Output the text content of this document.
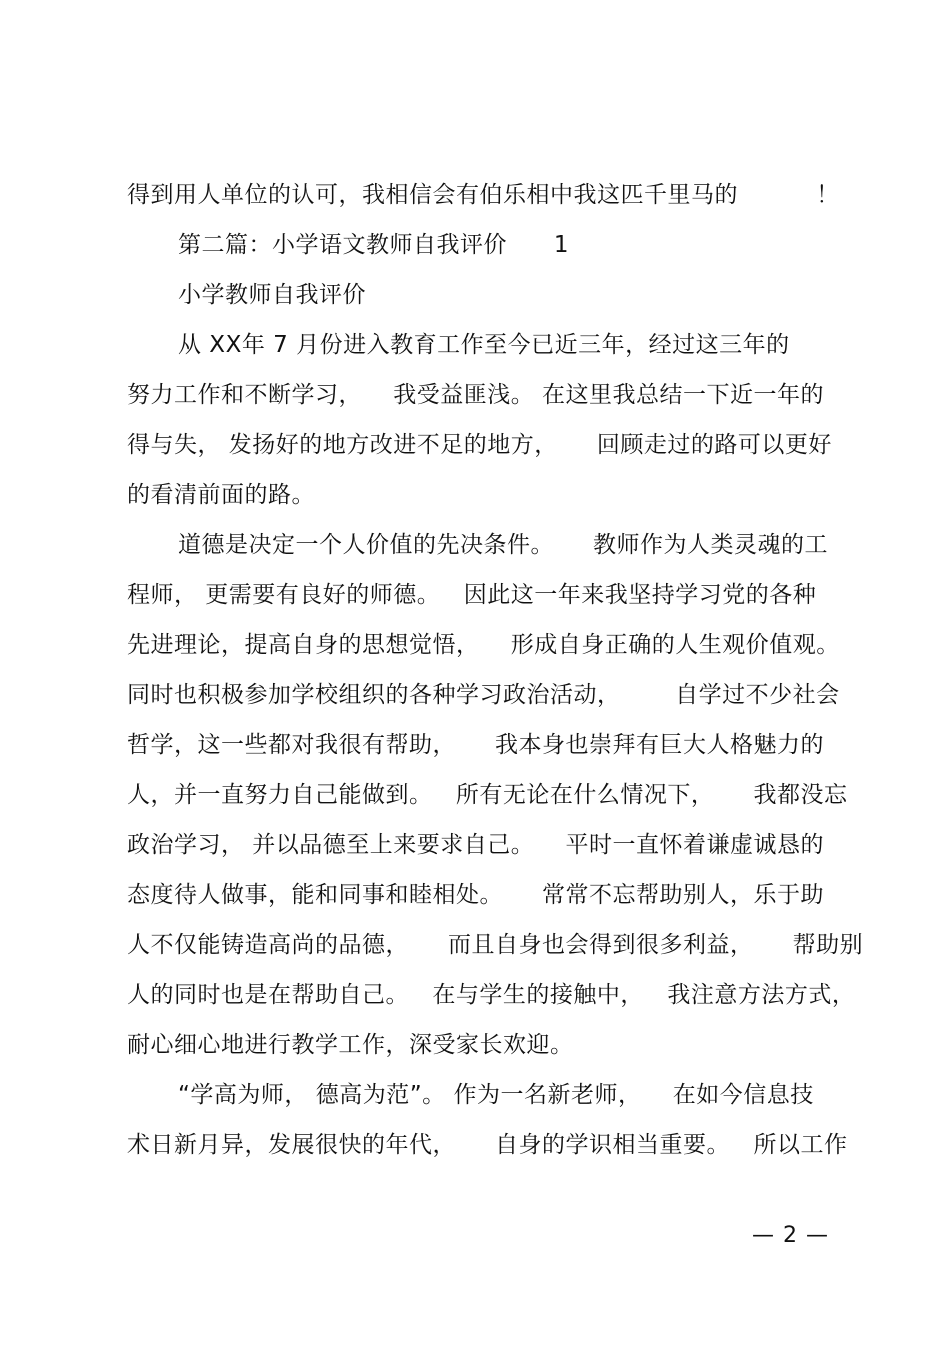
得到用人单位的认可，我相信会有伯乐相中我这匹千里马的          ！
第二篇：小学语文教师自我评价      1
小学教师自我评价
从 XX年 7 月份进入教育工作至今已近三年，经过这三年的
努力工作和不断学习，    我受益匪浅。 在这里我总结一下近一年的
得与失， 发扬好的地方改进不足的地方，     回顾走过的路可以更好
的看清前面的路。
道德是决定一个人价值的先决条件。     教师作为人类灵魂的工
程师， 更需要有良好的师德。   因此这一年来我坚持学习党的各种
先进理论，提高自身的思想觉悟，    形成自身正确的人生观价值观。
同时也积极参加学校组织的各种学习政治活动，       自学过不少社会
哲学，这一些都对我很有帮助，     我本身也崇拜有巨大人格魅力的
人，并一直努力自己能做到。   所有无论在什么情况下，     我都没忘
政治学习， 并以品德至上来要求自己。    平时一直怀着谦虚诚恳的
态度待人做事，能和同事和睦相处。     常常不忘帮助别人，乐于助
人不仅能铸造高尚的品德，     而且自身也会得到很多利益，     帮助别
人的同时也是在帮助自己。   在与学生的接触中，   我注意方法方式，
耐心细心地进行教学工作，深受家长欢迎。
“学高为师， 德高为范”。 作为一名新老师，    在如今信息技
术日新月异，发展很快的年代，     自身的学识相当重要。   所以工作
— 2 —
